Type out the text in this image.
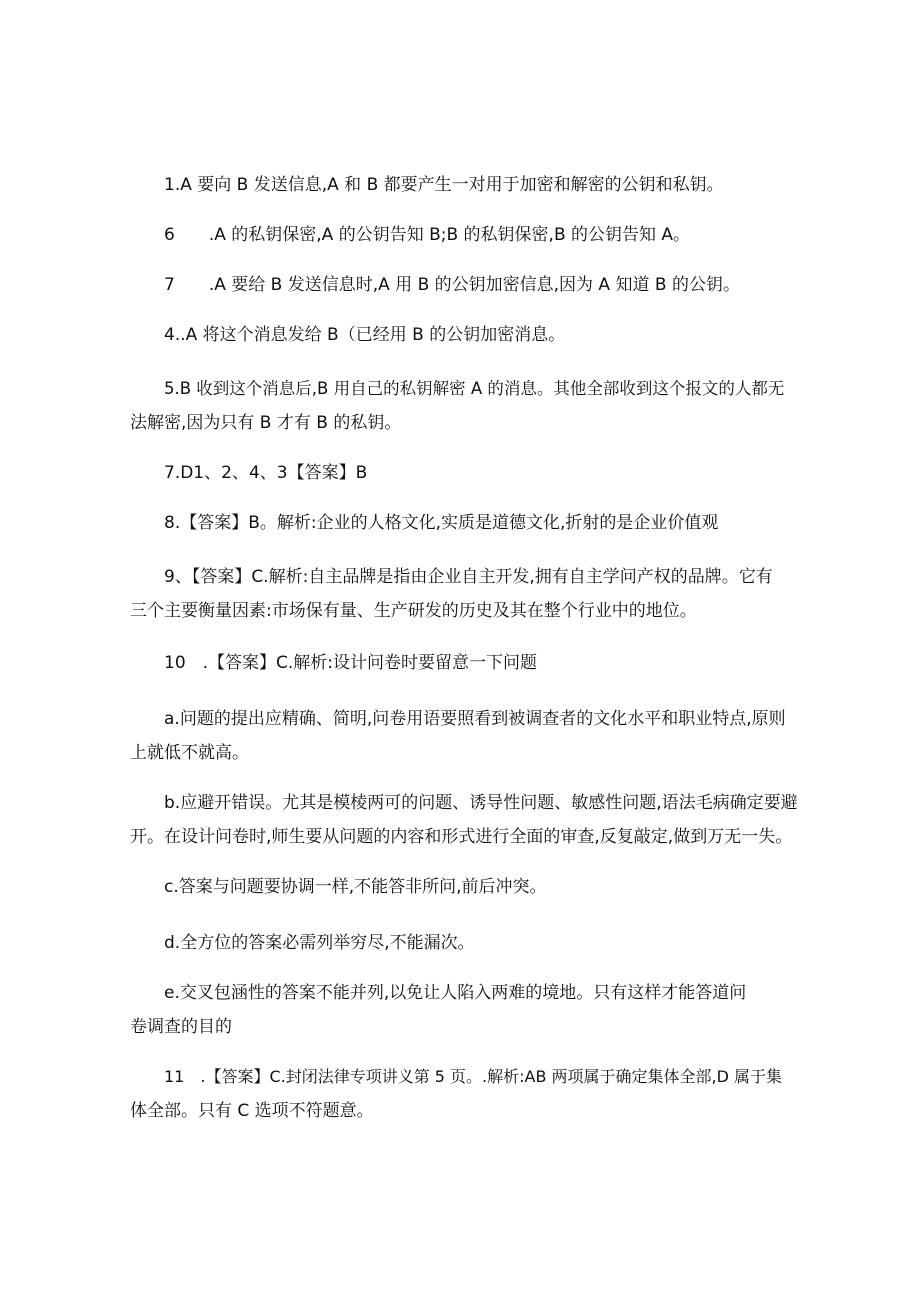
1.A 要向 B 发送信息,A 和 B 都要产生一对用于加密和解密的公钥和私钥。
6　　.A 的私钥保密,A 的公钥告知 B;B 的私钥保密,B 的公钥告知 A。
7　　.A 要给 B 发送信息时,A 用 B 的公钥加密信息,因为 A 知道 B 的公钥。
4..A 将这个消息发给 B（已经用 B 的公钥加密消息。
5.B 收到这个消息后,B 用自己的私钥解密 A 的消息。其他全部收到这个报文的人都无
法解密,因为只有 B 才有 B 的私钥。
7.D1、2、4、3【答案】B
8.【答案】B。解析:企业的人格文化,实质是道德文化,折射的是企业价值观
9、【答案】C.解析:自主品牌是指由企业自主开发,拥有自主学问产权的品牌。它有
三个主要衡量因素:市场保有量、生产研发的历史及其在整个行业中的地位。
10　.【答案】C.解析:设计问卷时要留意一下问题
a.问题的提出应精确、简明,问卷用语要照看到被调查者的文化水平和职业特点,原则
上就低不就高。
b.应避开错误。尤其是模棱两可的问题、诱导性问题、敏感性问题,语法毛病确定要避
开。在设计问卷时,师生要从问题的内容和形式进行全面的审查,反复敲定,做到万无一失。
c.答案与问题要协调一样,不能答非所问,前后冲突。
d.全方位的答案必需列举穷尽,不能漏次。
e.交叉包涵性的答案不能并列,以免让人陷入两难的境地。只有这样才能答道问
卷调查的目的
11　.【答案】C.封闭法律专项讲义第 5 页。.解析:AB 两项属于确定集体全部,D 属于集
体全部。只有 C 选项不符题意。
